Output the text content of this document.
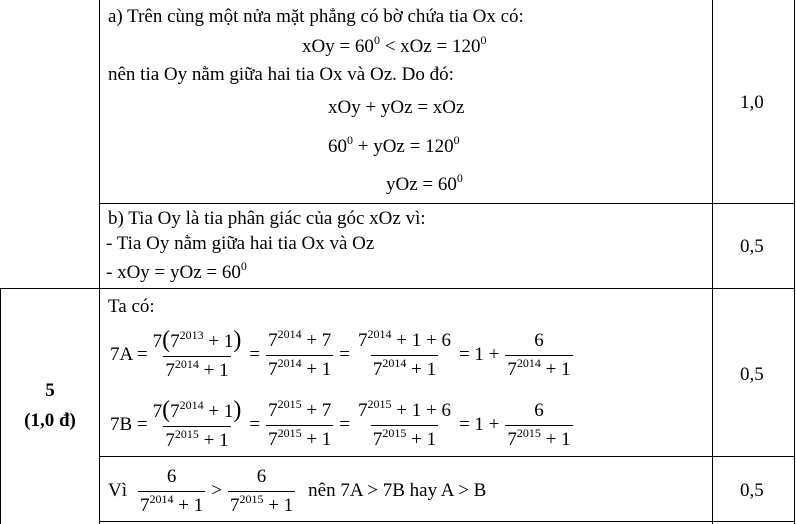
a) Trên cùng một nửa mặt phẳng có bờ chứa tia Ox có:
xOy = $60^0$ < xOz = $120^0$
nên tia Oy nằm giữa hai tia Ox và Oz. Do đó:
xOy + yOz = xOz
$60^0$ + yOz = $120^0$
yOz = $60^0$
1,0
b) Tia Oy là tia phân giác của góc xOz vì:
- Tia Oy nằm giữa hai tia Ox và Oz
- xOy = yOz = $60^0$
0,5
5
(1,0 đ)
Ta có:
$7A = \frac{7(7^{2013} + 1)}{7^{2014} + 1} = \frac{7^{2014} + 7}{7^{2014} + 1} = \frac{7^{2014} + 1 + 6}{7^{2014} + 1} = 1 + \frac{6}{7^{2014} + 1}$
$7B = \frac{7(7^{2014} + 1)}{7^{2015} + 1} = \frac{7^{2015} + 7}{7^{2015} + 1} = \frac{7^{2015} + 1 + 6}{7^{2015} + 1} = 1 + \frac{6}{7^{2015} + 1}$
0,5
Vì $\frac{6}{7^{2014} + 1} > \frac{6}{7^{2015} + 1}$ nên 7A > 7B hay A > B	0,5
